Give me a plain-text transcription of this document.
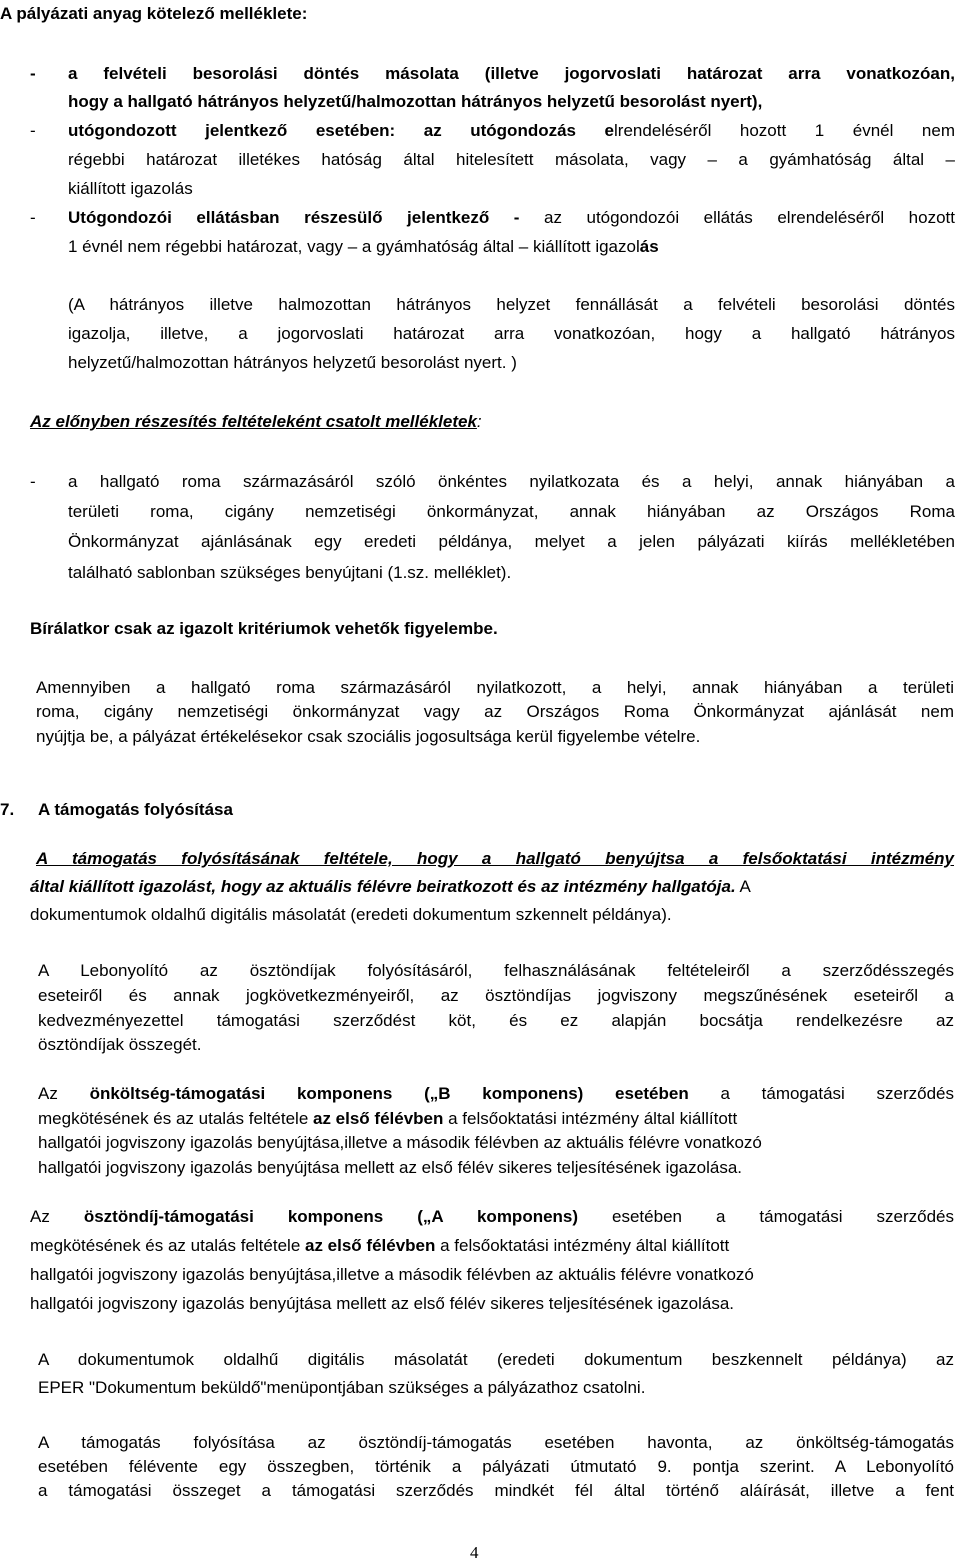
A pályázati anyag kötelező melléklete:
- a felvételi besorolási döntés másolata (illetve jogorvoslati határozat arra vonatkozóan,
hogy a hallgató hátrányos helyzetű/halmozottan hátrányos helyzetű besorolást nyert),
- utógondozott jelentkező esetében: az utógondozás elrendeléséről hozott 1 évnél nem
régebbi határozat illetékes hatóság által hitelesített másolata, vagy – a gyámhatóság által –
kiállított igazolás
- Utógondozói ellátásban részesülő jelentkező - az utógondozói ellátás elrendeléséről hozott
1 évnél nem régebbi határozat, vagy – a gyámhatóság által – kiállított igazolás
(A hátrányos illetve halmozottan hátrányos helyzet fennállását a felvételi besorolási döntés
igazolja, illetve, a jogorvoslati határozat arra vonatkozóan, hogy a hallgató hátrányos
helyzetű/halmozottan hátrányos helyzetű besorolást nyert. )
Az előnyben részesítés feltételeként csatolt mellékletek:
- a hallgató roma származásáról szóló önkéntes nyilatkozata és a helyi, annak hiányában a
területi roma, cigány nemzetiségi önkormányzat, annak hiányában az Országos Roma
Önkormányzat ajánlásának egy eredeti példánya, melyet a jelen pályázati kiírás mellékletében
található sablonban szükséges benyújtani (1.sz. melléklet).
Bírálatkor csak az igazolt kritériumok vehetők figyelembe.
Amennyiben a hallgató roma származásáról nyilatkozott, a helyi, annak hiányában a területi
roma, cigány nemzetiségi önkormányzat vagy az Országos Roma Önkormányzat ajánlását nem
nyújtja be, a pályázat értékelésekor csak szociális jogosultsága kerül figyelembe vételre.
7. A támogatás folyósítása
A támogatás folyósításának feltétele, hogy a hallgató benyújtsa a felsőoktatási intézmény
által kiállított igazolást, hogy az aktuális félévre beiratkozott és az intézmény hallgatója. A
dokumentumok oldalhű digitális másolatát (eredeti dokumentum szkennelt példánya).
A Lebonyolító az ösztöndíjak folyósításáról, felhasználásának feltételeiről a szerződésszegés
eseteiről és annak jogkövetkezményeiről, az ösztöndíjas jogviszony megszűnésének eseteiről a
kedvezményezettel támogatási szerződést köt, és ez alapján bocsátja rendelkezésre az
ösztöndíjak összegét.
Az önköltség-támogatási komponens („B komponens) esetében a támogatási szerződés
megkötésének és az utalás feltétele az első félévben a felsőoktatási intézmény által kiállított
hallgatói jogviszony igazolás benyújtása,illetve a második félévben az aktuális félévre vonatkozó
hallgatói jogviszony igazolás benyújtása mellett az első félév sikeres teljesítésének igazolása.
Az ösztöndíj-támogatási komponens („A komponens) esetében a támogatási szerződés
megkötésének és az utalás feltétele az első félévben a felsőoktatási intézmény által kiállított
hallgatói jogviszony igazolás benyújtása,illetve a második félévben az aktuális félévre vonatkozó
hallgatói jogviszony igazolás benyújtása mellett az első félév sikeres teljesítésének igazolása.
A dokumentumok oldalhű digitális másolatát (eredeti dokumentum beszkennelt példánya) az
EPER "Dokumentum beküldő"menüpontjában szükséges a pályázathoz csatolni.
A támogatás folyósítása az ösztöndíj-támogatás esetében havonta, az önköltség-támogatás
esetében félévente egy összegben, történik a pályázati útmutató 9. pontja szerint. A Lebonyolító
a támogatási összeget a támogatási szerződés mindkét fél által történő aláírását, illetve a fent
4
